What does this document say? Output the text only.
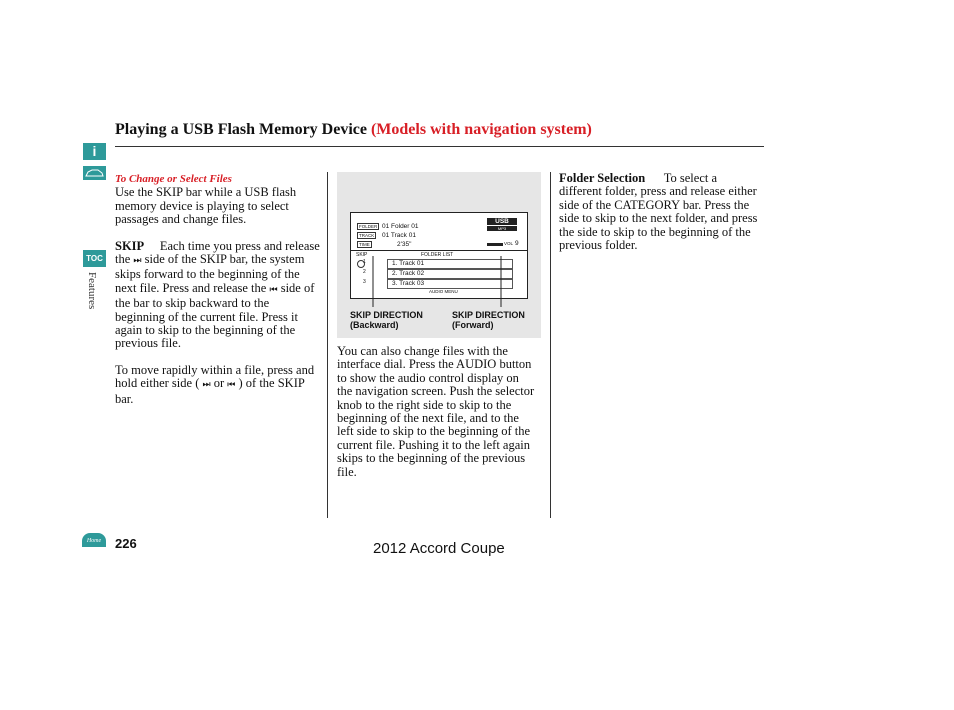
Playing a USB Flash Memory Device (Models with navigation system)
i
TOC
Features
Home

To Change or Select Files

Use the SKIP bar while a USB flash memory device is playing to select passages and change files.

SKIP Each time you press and release the ⏭ side of the SKIP bar, the system skips forward to the beginning of the next file. Press and release the ⏮ side of the bar to skip backward to the beginning of the current file. Press it again to skip to the beginning of the previous file.

To move rapidly within a file, press and hold either side ( ⏭ or ⏮ ) of the SKIP bar.

FOLDER
TRACK
TIME
01 Folder 01
01 Track 01
2'35"
USB
MP3
VOL 9
SKIP	FOLDER LIST
1. Track 01
2. Track 02
3. Track 03
1
2
3
AUDIO MENU
SKIP DIRECTION
(Backward)
SKIP DIRECTION
(Forward)

You can also change files with the interface dial. Press the AUDIO button to show the audio control display on the navigation screen. Push the selector knob to the right side to skip to the beginning of the next file, and to the left side to skip to the beginning of the current file. Pushing it to the left again skips to the beginning of the previous file.

Folder Selection To select a different folder, press and release either side of the CATEGORY bar. Press the side to skip to the next folder, and press the side to skip to the beginning of the previous folder.

226	2012 Accord Coupe
